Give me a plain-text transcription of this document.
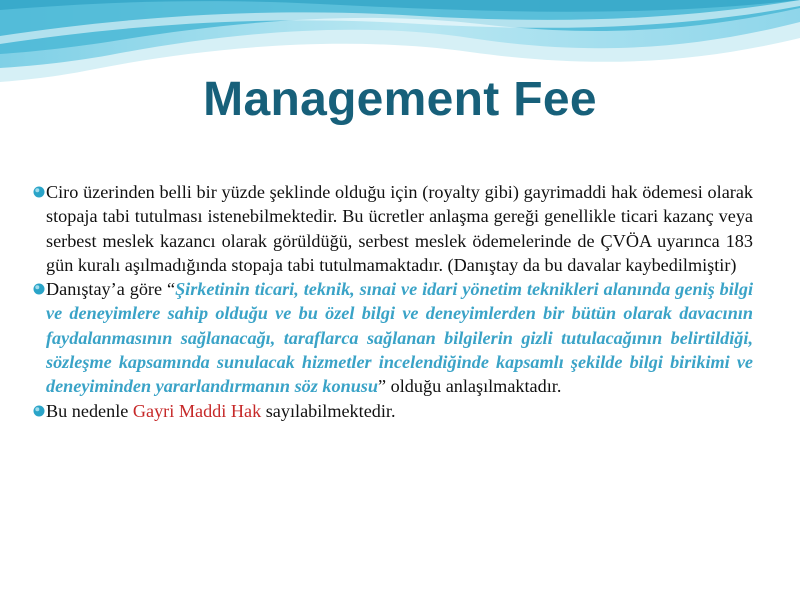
Management Fee

Ciro üzerinden belli bir yüzde şeklinde olduğu için (royalty gibi) gayrimaddi hak ödemesi olarak stopaja tabi tutulması istenebilmektedir. Bu ücretler anlaşma gereği genellikle ticari kazanç veya serbest meslek kazancı olarak görüldüğü, serbest meslek ödemelerinde de ÇVÖA uyarınca 183 gün kuralı aşılmadığında stopaja tabi tutulmamaktadır. (Danıştay da bu davalar kaybedilmiştir)

Danıştay’a göre “Şirketinin ticari, teknik, sınai ve idari yönetim teknikleri alanında geniş bilgi ve deneyimlere sahip olduğu ve bu özel bilgi ve deneyimlerden bir bütün olarak davacının faydalanmasının sağlanacağı, taraflarca sağlanan bilgilerin gizli tutulacağının belirtildiği, sözleşme kapsamında sunulacak hizmetler incelendiğinde kapsamlı şekilde bilgi birikimi ve deneyiminden yararlandırmanın söz konusu” olduğu anlaşılmaktadır.

Bu nedenle Gayri Maddi Hak sayılabilmektedir.
